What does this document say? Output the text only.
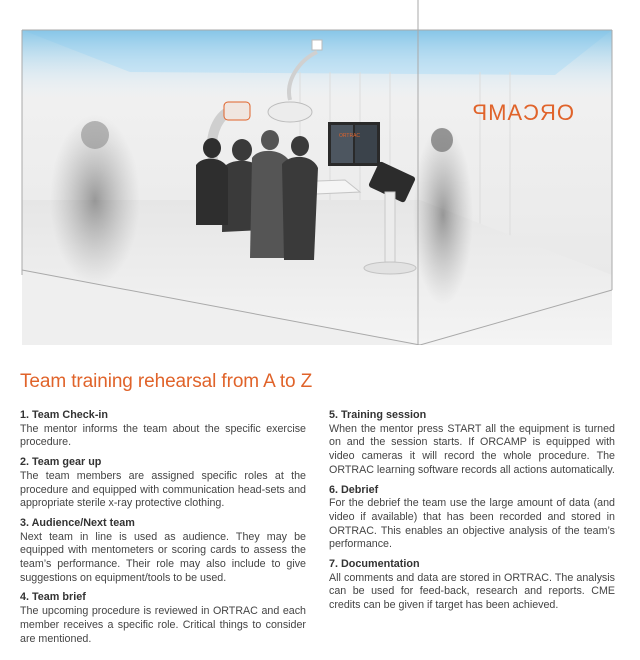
ORTRAC
ORCAMP
Team training rehearsal from A to Z
1. Team Check-in

The mentor informs the team about the specific exercise procedure.

2. Team gear up

The team members are assigned specific roles at the procedure and equipped with communication head-sets and appropriate sterile x-ray protective clothing.

3. Audience/Next team

Next team in line is used as audience. They may be equipped with mentometers or scoring cards to assess the team’s performance. Their role may also include to give suggestions on equipment/tools to be used.

4. Team brief

The upcoming procedure is reviewed in ORTRAC and each member receives a specific role. Critical things to consider are mentioned.

5. Training session

When the mentor press START all the equipment is turned on and the session starts. If ORCAMP is equipped with video cameras it will record the whole procedure. The ORTRAC learning software records all actions automatically.

6. Debrief

For the debrief the team use the large amount of data (and video if available) that has been recorded and stored in ORTRAC. This enables an objective analysis of the team’s performance.

7. Documentation

All comments and data are stored in ORTRAC. The analysis can be used for feed-back, research and reports. CME credits can be given if target has been achieved.
